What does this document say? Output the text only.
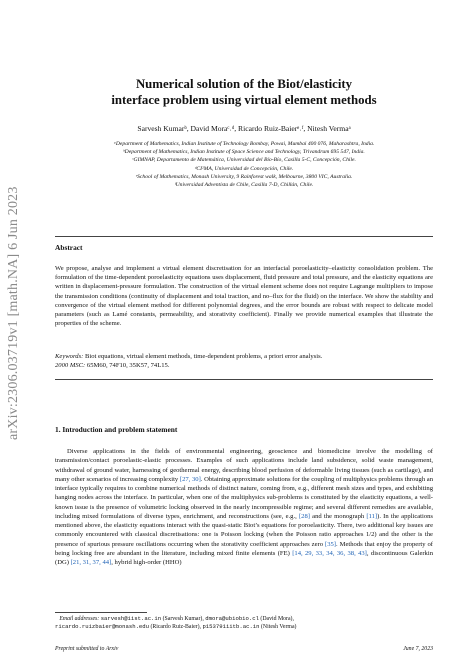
arXiv:2306.03719v1 [math.NA] 6 Jun 2023
Numerical solution of the Biot/elasticity
interface problem using virtual element methods
Sarvesh Kumarᵇ, David Moraᶜ˒ᵈ, Ricardo Ruiz-Baierᵉ˒ᶠ, Nitesh Vermaᵃ
ᵃDepartment of Mathematics, Indian Institute of Technology Bombay, Powai, Mumbai 400 076, Maharashtra, India.
ᵇDepartment of Mathematics, Indian Institute of Space Science and Technology, Trivandrum 695 547, India.
ᶜGIMNAP, Departamento de Matemática, Universidad del Bío-Bío, Casilla 5-C, Concepción, Chile.
ᵈCI²MA, Universidad de Concepción, Chile.
ᵉSchool of Mathematics, Monash University, 9 Rainforest walk, Melbourne, 3800 VIC, Australia.
ᶠUniversidad Adventista de Chile, Casilla 7-D, Chillán, Chile.
Abstract
We propose, analyse and implement a virtual element discretisation for an interfacial poroelasticity–elasticity consolidation problem. The formulation of the time-dependent poroelasticity equations uses displacement, fluid pressure and total pressure, and the elasticity equations are written in displacement-pressure formulation. The construction of the virtual element scheme does not require Lagrange multipliers to impose the transmission conditions (continuity of displacement and total traction, and no–flux for the fluid) on the interface. We show the stability and convergence of the virtual element method for different polynomial degrees, and the error bounds are robust with respect to delicate model parameters (such as Lamé constants, permeability, and storativity coefficient). Finally we provide numerical examples that illustrate the properties of the scheme.
Keywords: Biot equations, virtual element methods, time-dependent problems, a priori error analysis.
2000 MSC: 65M60, 74F10, 35K57, 74L15.
1. Introduction and problem statement
Diverse applications in the fields of environmental engineering, geoscience and biomedicine involve the modelling of transmission/contact poroelastic-elastic processes. Examples of such applications include land subsidence, solid waste management, withdrawal of ground water, harnessing of geothermal energy, describing blood perfusion of deformable living tissues (such as cartilage), and many other scenarios of increasing complexity [27, 30]. Obtaining approximate solutions for the coupling of multiphysics problems through an interface typically requires to combine numerical methods of distinct nature, coming from, e.g., different mesh sizes and types, and exhibiting hanging nodes across the interface. In particular, when one of the multiphysics sub-problems is constituted by the elasticity equations, a well-known issue is the presence of volumetric locking observed in the nearly incompressible regime; and several different remedies are available, including mixed formulations of diverse types, enrichment, and reconstructions (see, e.g., [28] and the monograph [11]). In the applications mentioned above, the elasticity equations interact with the quasi-static Biot’s equations for poroelasticity. There, two additional key issues are commonly encountered with classical discretisations: one is Poisson locking (when the Poisson ratio approaches 1/2) and the other is the presence of spurious pressure oscillations occurring when the storativity coefficient approaches zero [35]. Methods that enjoy the property of being locking free are abundant in the literature, including mixed finite elements (FE) [14, 29, 33, 34, 36, 38, 43], discontinuous Galerkin (DG) [21, 31, 37, 44], hybrid high-order (HHO)
Email addresses: sarvesh@iist.ac.in (Sarvesh Kumar), dmora@ubiobio.cl (David Mora),
ricardo.ruizbaier@monash.edu (Ricardo Ruiz-Baier), p153791iitb.ac.in (Nitesh Verma)
Preprint submitted to Arxiv	June 7, 2023
